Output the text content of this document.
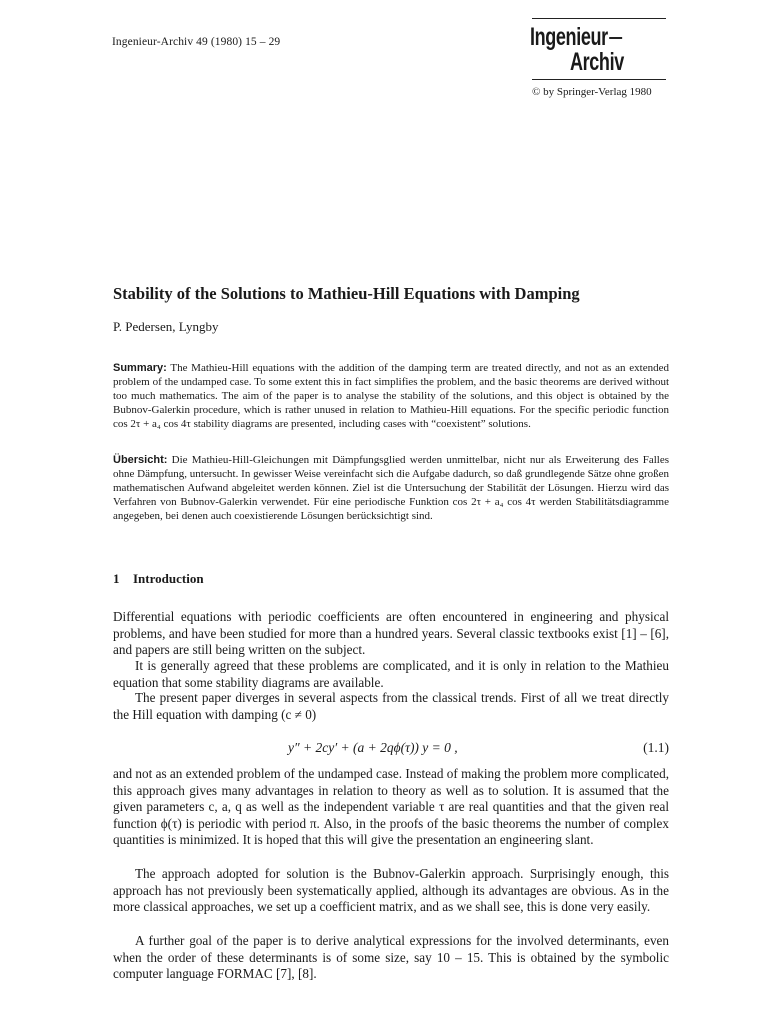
Ingenieur-Archiv 49 (1980) 15 – 29	Ingenieur
Archiv
© by Springer-Verlag 1980
Stability of the Solutions to Mathieu-Hill Equations with Damping
P. Pedersen, Lyngby

Summary: The Mathieu-Hill equations with the addition of the damping term are treated directly, and not as an extended problem of the undamped case. To some extent this in fact simplifies the problem, and the basic theorems are derived without too much mathematics. The aim of the paper is to analyse the stability of the solutions, and this object is obtained by the Bubnov-Galerkin procedure, which is rather unused in relation to Mathieu-Hill equations. For the specific periodic function cos 2τ + a₄ cos 4τ stability diagrams are presented, including cases with “coexistent” solutions.

Übersicht: Die Mathieu-Hill-Gleichungen mit Dämpfungsglied werden unmittelbar, nicht nur als Erweiterung des Falles ohne Dämpfung, untersucht. In gewisser Weise vereinfacht sich die Aufgabe dadurch, so daß grundlegende Sätze ohne großen mathematischen Aufwand abgeleitet werden können. Ziel ist die Untersuchung der Stabilität der Lösungen. Hierzu wird das Verfahren von Bubnov-Galerkin verwendet. Für eine periodische Funktion cos 2τ + a₄ cos 4τ werden Stabilitätsdiagramme angegeben, bei denen auch coexistierende Lösungen berücksichtigt sind.

1 Introduction

Differential equations with periodic coefficients are often encountered in engineering and physical problems, and have been studied for more than a hundred years. Several classic textbooks exist [1] – [6], and papers are still being written on the subject.

It is generally agreed that these problems are complicated, and it is only in relation to the Mathieu equation that some stability diagrams are available.

The present paper diverges in several aspects from the classical trends. First of all we treat directly the Hill equation with damping (c ≠ 0)

y″ + 2cy′ + (a + 2qϕ(τ)) y = 0 ,	(1.1)

and not as an extended problem of the undamped case. Instead of making the problem more complicated, this approach gives many advantages in relation to theory as well as to solution. It is assumed that the given parameters c, a, q as well as the independent variable τ are real quantities and that the given real function ϕ(τ) is periodic with period π. Also, in the proofs of the basic theorems the number of complex quantities is minimized. It is hoped that this will give the presentation an engineering slant.

The approach adopted for solution is the Bubnov-Galerkin approach. Surprisingly enough, this approach has not previously been systematically applied, although its advantages are obvious. As in the more classical approaches, we set up a coefficient matrix, and as we shall see, this is done very easily.

A further goal of the paper is to derive analytical expressions for the involved determinants, even when the order of these determinants is of some size, say 10 – 15. This is obtained by the symbolic computer language FORMAC [7], [8].
